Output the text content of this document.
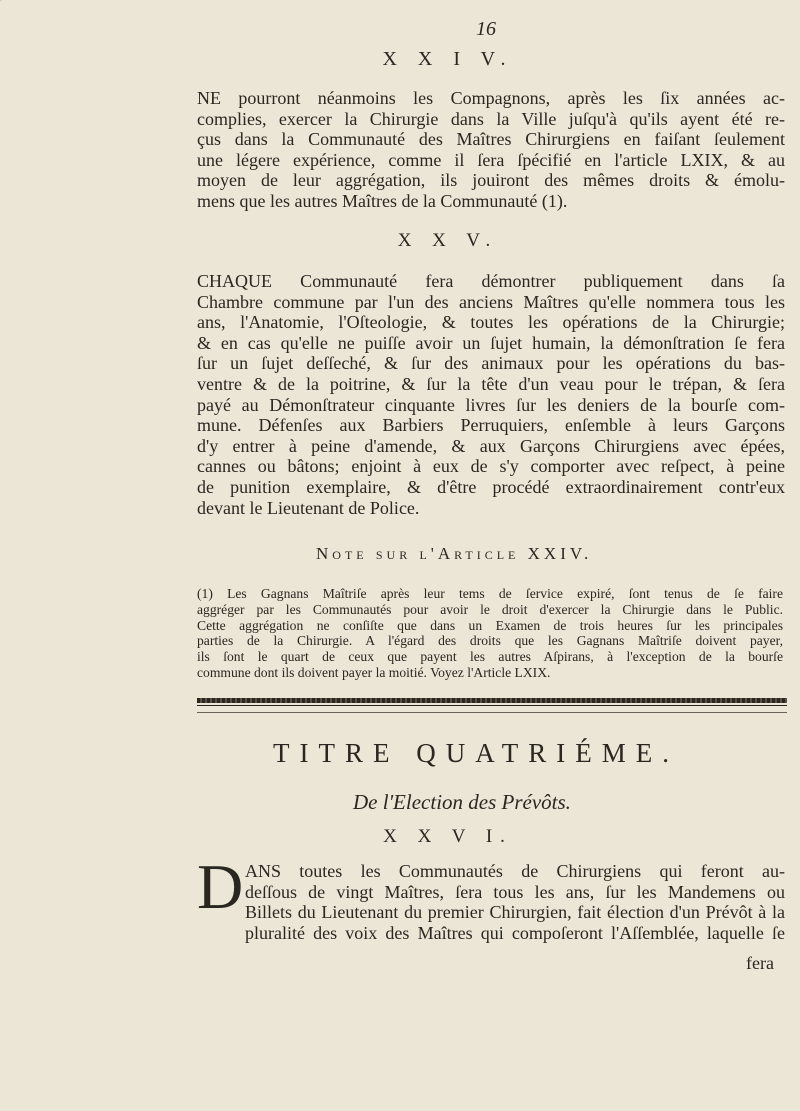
16
X X I V.
NE pourront néanmoins les Compagnons, après les ſix années ac-
complies, exercer la Chirurgie dans la Ville juſqu'à qu'ils ayent été re-
çus dans la Communauté des Maîtres Chirurgiens en faiſant ſeulement
une légere expérience, comme il ſera ſpécifié en l'article LXIX, & au
moyen de leur aggrégation, ils jouiront des mêmes droits & émolu-
mens que les autres Maîtres de la Communauté (1).
X X V.
CHAQUE Communauté fera démontrer publiquement dans ſa
Chambre commune par l'un des anciens Maîtres qu'elle nommera tous les
ans, l'Anatomie, l'Oſteologie, & toutes les opérations de la Chirurgie;
& en cas qu'elle ne puiſſe avoir un ſujet humain, la démonſtration ſe fera
ſur un ſujet deſſeché, & ſur des animaux pour les opérations du bas-
ventre & de la poitrine, & ſur la tête d'un veau pour le trépan, & ſera
payé au Démonſtrateur cinquante livres ſur les deniers de la bourſe com-
mune. Défenſes aux Barbiers Perruquiers, enſemble à leurs Garçons
d'y entrer à peine d'amende, & aux Garçons Chirurgiens avec épées,
cannes ou bâtons; enjoint à eux de s'y comporter avec reſpect, à peine
de punition exemplaire, & d'être procédé extraordinairement contr'eux
devant le Lieutenant de Police.
Note sur l'Article XXIV.
(1) Les Gagnans Maîtriſe après leur tems de ſervice expiré, ſont tenus de ſe faire
aggréger par les Communautés pour avoir le droit d'exercer la Chirurgie dans le Public.
Cette aggrégation ne conſiſte que dans un Examen de trois heures ſur les principales
parties de la Chirurgie. A l'égard des droits que les Gagnans Maîtriſe doivent payer,
ils ſont le quart de ceux que payent les autres Aſpirans, à l'exception de la bourſe
commune dont ils doivent payer la moitié. Voyez l'Article LXIX.
TITRE QUATRIÉME.
De l'Election des Prévôts.
X X V I.
D ANS toutes les Communautés de Chirurgiens qui feront au-
deſſous de vingt Maîtres, ſera tous les ans, ſur les Mandemens ou
Billets du Lieutenant du premier Chirurgien, fait élection d'un Prévôt à la
pluralité des voix des Maîtres qui compoſeront l'Aſſemblée, laquelle ſe
fera
